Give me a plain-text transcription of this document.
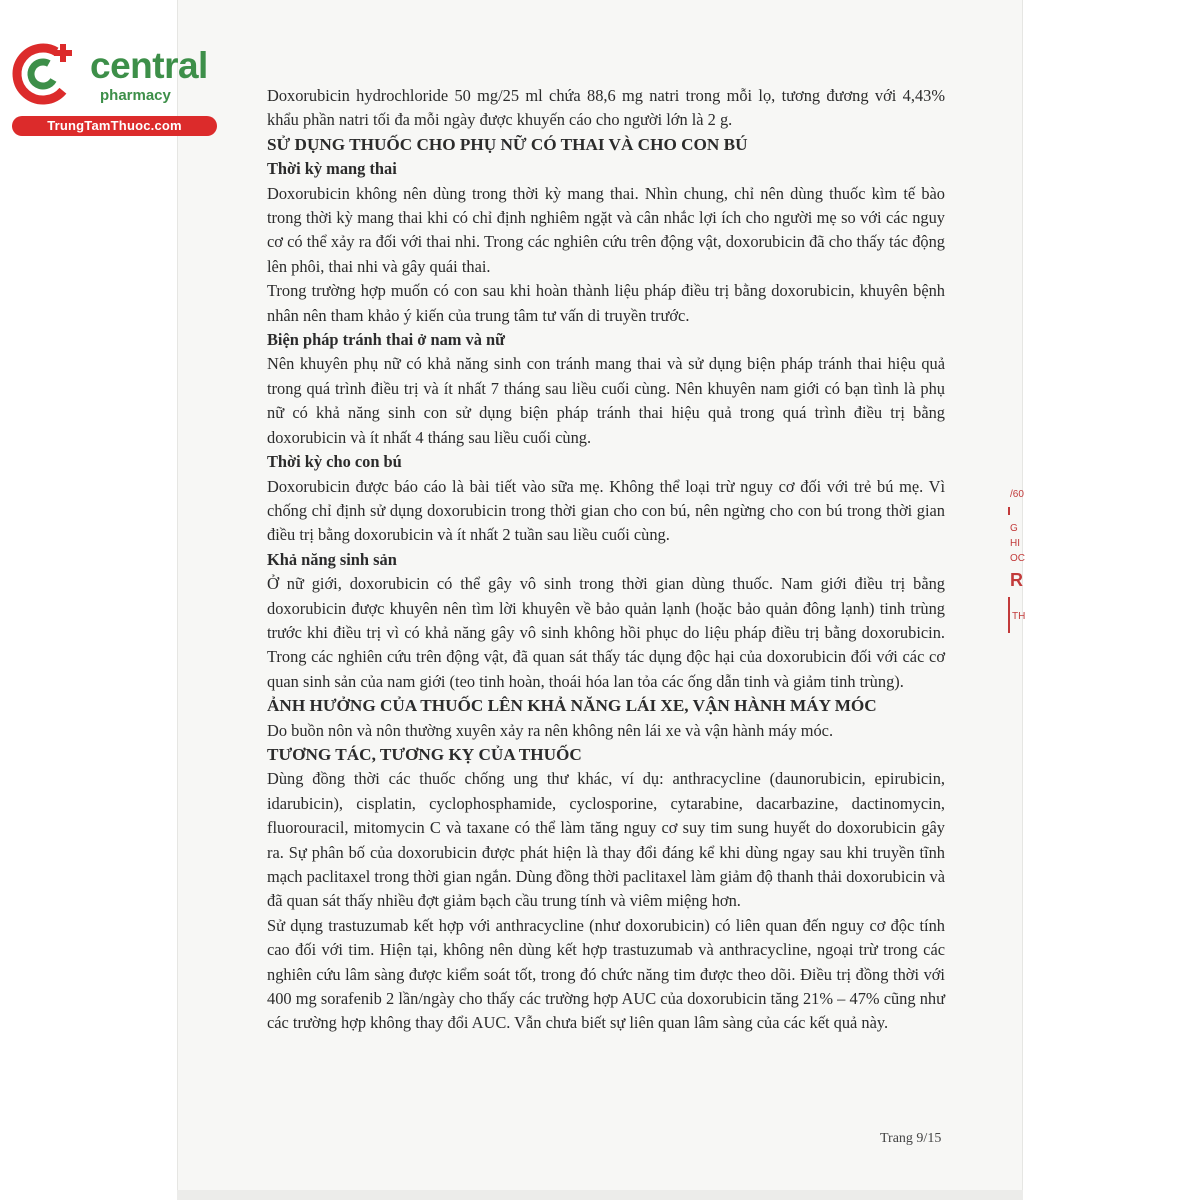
central
pharmacy
TrungTamThuoc.com

Doxorubicin hydrochloride 50 mg/25 ml chứa 88,6 mg natri trong mỗi lọ, tương đương với 4,43% khẩu phần natri tối đa mỗi ngày được khuyến cáo cho người lớn là 2 g.

SỬ DỤNG THUỐC CHO PHỤ NỮ CÓ THAI VÀ CHO CON BÚ
Thời kỳ mang thai

Doxorubicin không nên dùng trong thời kỳ mang thai. Nhìn chung, chỉ nên dùng thuốc kìm tế bào trong thời kỳ mang thai khi có chỉ định nghiêm ngặt và cân nhắc lợi ích cho người mẹ so với các nguy cơ có thể xảy ra đối với thai nhi. Trong các nghiên cứu trên động vật, doxorubicin đã cho thấy tác động lên phôi, thai nhi và gây quái thai.

Trong trường hợp muốn có con sau khi hoàn thành liệu pháp điều trị bằng doxorubicin, khuyên bệnh nhân nên tham khảo ý kiến của trung tâm tư vấn di truyền trước.

Biện pháp tránh thai ở nam và nữ

Nên khuyên phụ nữ có khả năng sinh con tránh mang thai và sử dụng biện pháp tránh thai hiệu quả trong quá trình điều trị và ít nhất 7 tháng sau liều cuối cùng. Nên khuyên nam giới có bạn tình là phụ nữ có khả năng sinh con sử dụng biện pháp tránh thai hiệu quả trong quá trình điều trị bằng doxorubicin và ít nhất 4 tháng sau liều cuối cùng.

Thời kỳ cho con bú

Doxorubicin được báo cáo là bài tiết vào sữa mẹ. Không thể loại trừ nguy cơ đối với trẻ bú mẹ. Vì chống chỉ định sử dụng doxorubicin trong thời gian cho con bú, nên ngừng cho con bú trong thời gian điều trị bằng doxorubicin và ít nhất 2 tuần sau liều cuối cùng.

Khả năng sinh sản

Ở nữ giới, doxorubicin có thể gây vô sinh trong thời gian dùng thuốc. Nam giới điều trị bằng doxorubicin được khuyên nên tìm lời khuyên về bảo quản lạnh (hoặc bảo quản đông lạnh) tinh trùng trước khi điều trị vì có khả năng gây vô sinh không hồi phục do liệu pháp điều trị bằng doxorubicin. Trong các nghiên cứu trên động vật, đã quan sát thấy tác dụng độc hại của doxorubicin đối với các cơ quan sinh sản của nam giới (teo tinh hoàn, thoái hóa lan tỏa các ống dẫn tinh và giảm tinh trùng).

ẢNH HƯỞNG CỦA THUỐC LÊN KHẢ NĂNG LÁI XE, VẬN HÀNH MÁY MÓC

Do buồn nôn và nôn thường xuyên xảy ra nên không nên lái xe và vận hành máy móc.

TƯƠNG TÁC, TƯƠNG KỴ CỦA THUỐC

Dùng đồng thời các thuốc chống ung thư khác, ví dụ: anthracycline (daunorubicin, epirubicin, idarubicin), cisplatin, cyclophosphamide, cyclosporine, cytarabine, dacarbazine, dactinomycin, fluorouracil, mitomycin C và taxane có thể làm tăng nguy cơ suy tim sung huyết do doxorubicin gây ra. Sự phân bố của doxorubicin được phát hiện là thay đổi đáng kể khi dùng ngay sau khi truyền tĩnh mạch paclitaxel trong thời gian ngắn. Dùng đồng thời paclitaxel làm giảm độ thanh thải doxorubicin và đã quan sát thấy nhiều đợt giảm bạch cầu trung tính và viêm miệng hơn.

Sử dụng trastuzumab kết hợp với anthracycline (như doxorubicin) có liên quan đến nguy cơ độc tính cao đối với tim. Hiện tại, không nên dùng kết hợp trastuzumab và anthracycline, ngoại trừ trong các nghiên cứu lâm sàng được kiểm soát tốt, trong đó chức năng tim được theo dõi. Điều trị đồng thời với 400 mg sorafenib 2 lần/ngày cho thấy các trường hợp AUC của doxorubicin tăng 21% – 47% cũng như các trường hợp không thay đổi AUC. Vẫn chưa biết sự liên quan lâm sàng của các kết quả này.

/60
G
HI
OC
R
TH
Trang 9/15
